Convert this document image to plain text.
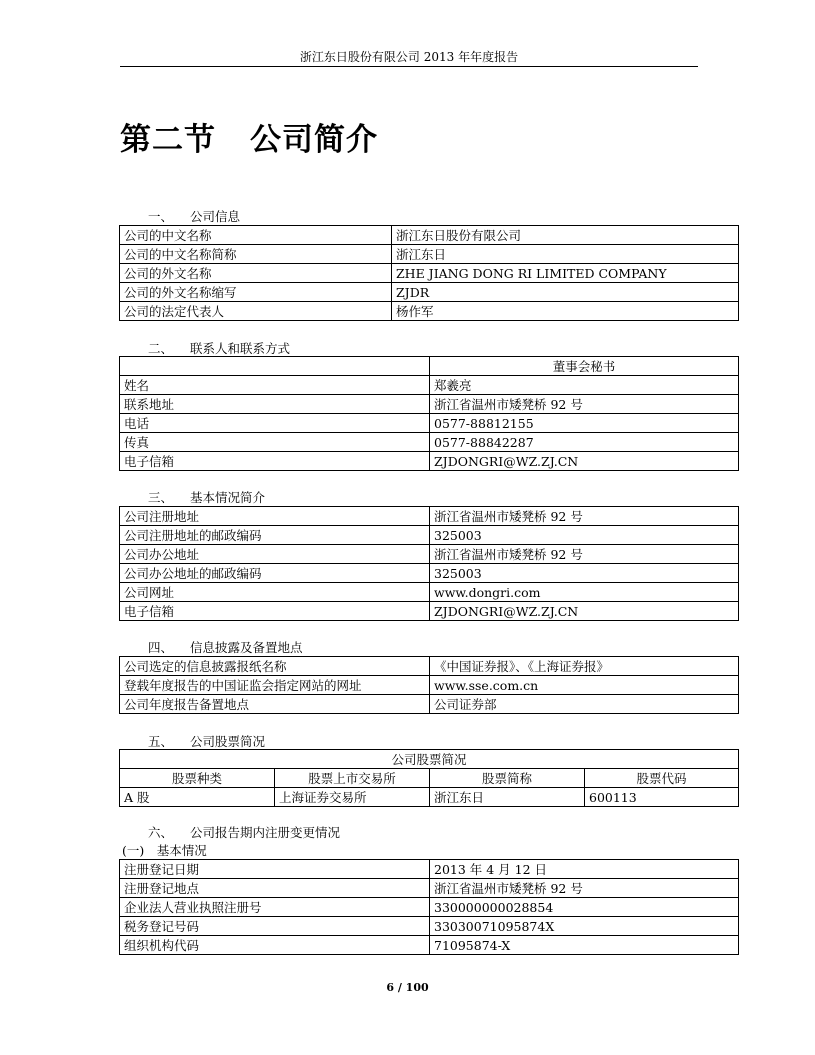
浙江东日股份有限公司 2013 年年度报告
第二节 公司简介
一、 公司信息
公司的中文名称	浙江东日股份有限公司
公司的中文名称简称	浙江东日
公司的外文名称	ZHE JIANG DONG RI LIMITED COMPANY
公司的外文名称缩写	ZJDR
公司的法定代表人	杨作军
二、 联系人和联系方式
	董事会秘书
姓名	郑羲亮
联系地址	浙江省温州市矮凳桥 92 号
电话	0577-88812155
传真	0577-88842287
电子信箱	ZJDONGRI@WZ.ZJ.CN
三、 基本情况简介
公司注册地址	浙江省温州市矮凳桥 92 号
公司注册地址的邮政编码	325003
公司办公地址	浙江省温州市矮凳桥 92 号
公司办公地址的邮政编码	325003
公司网址	www.dongri.com
电子信箱	ZJDONGRI@WZ.ZJ.CN
四、 信息披露及备置地点
公司选定的信息披露报纸名称	《中国证券报》、《上海证券报》
登载年度报告的中国证监会指定网站的网址	www.sse.com.cn
公司年度报告备置地点	公司证券部
五、 公司股票简况
公司股票简况			
股票种类	股票上市交易所	股票简称	股票代码
A 股	上海证券交易所	浙江东日	600113
六、 公司报告期内注册变更情况
(一)　基本情况
注册登记日期	2013 年 4 月 12 日
注册登记地点	浙江省温州市矮凳桥 92 号
企业法人营业执照注册号	330000000028854
税务登记号码	33030071095874X
组织机构代码	71095874-X
6 / 100
